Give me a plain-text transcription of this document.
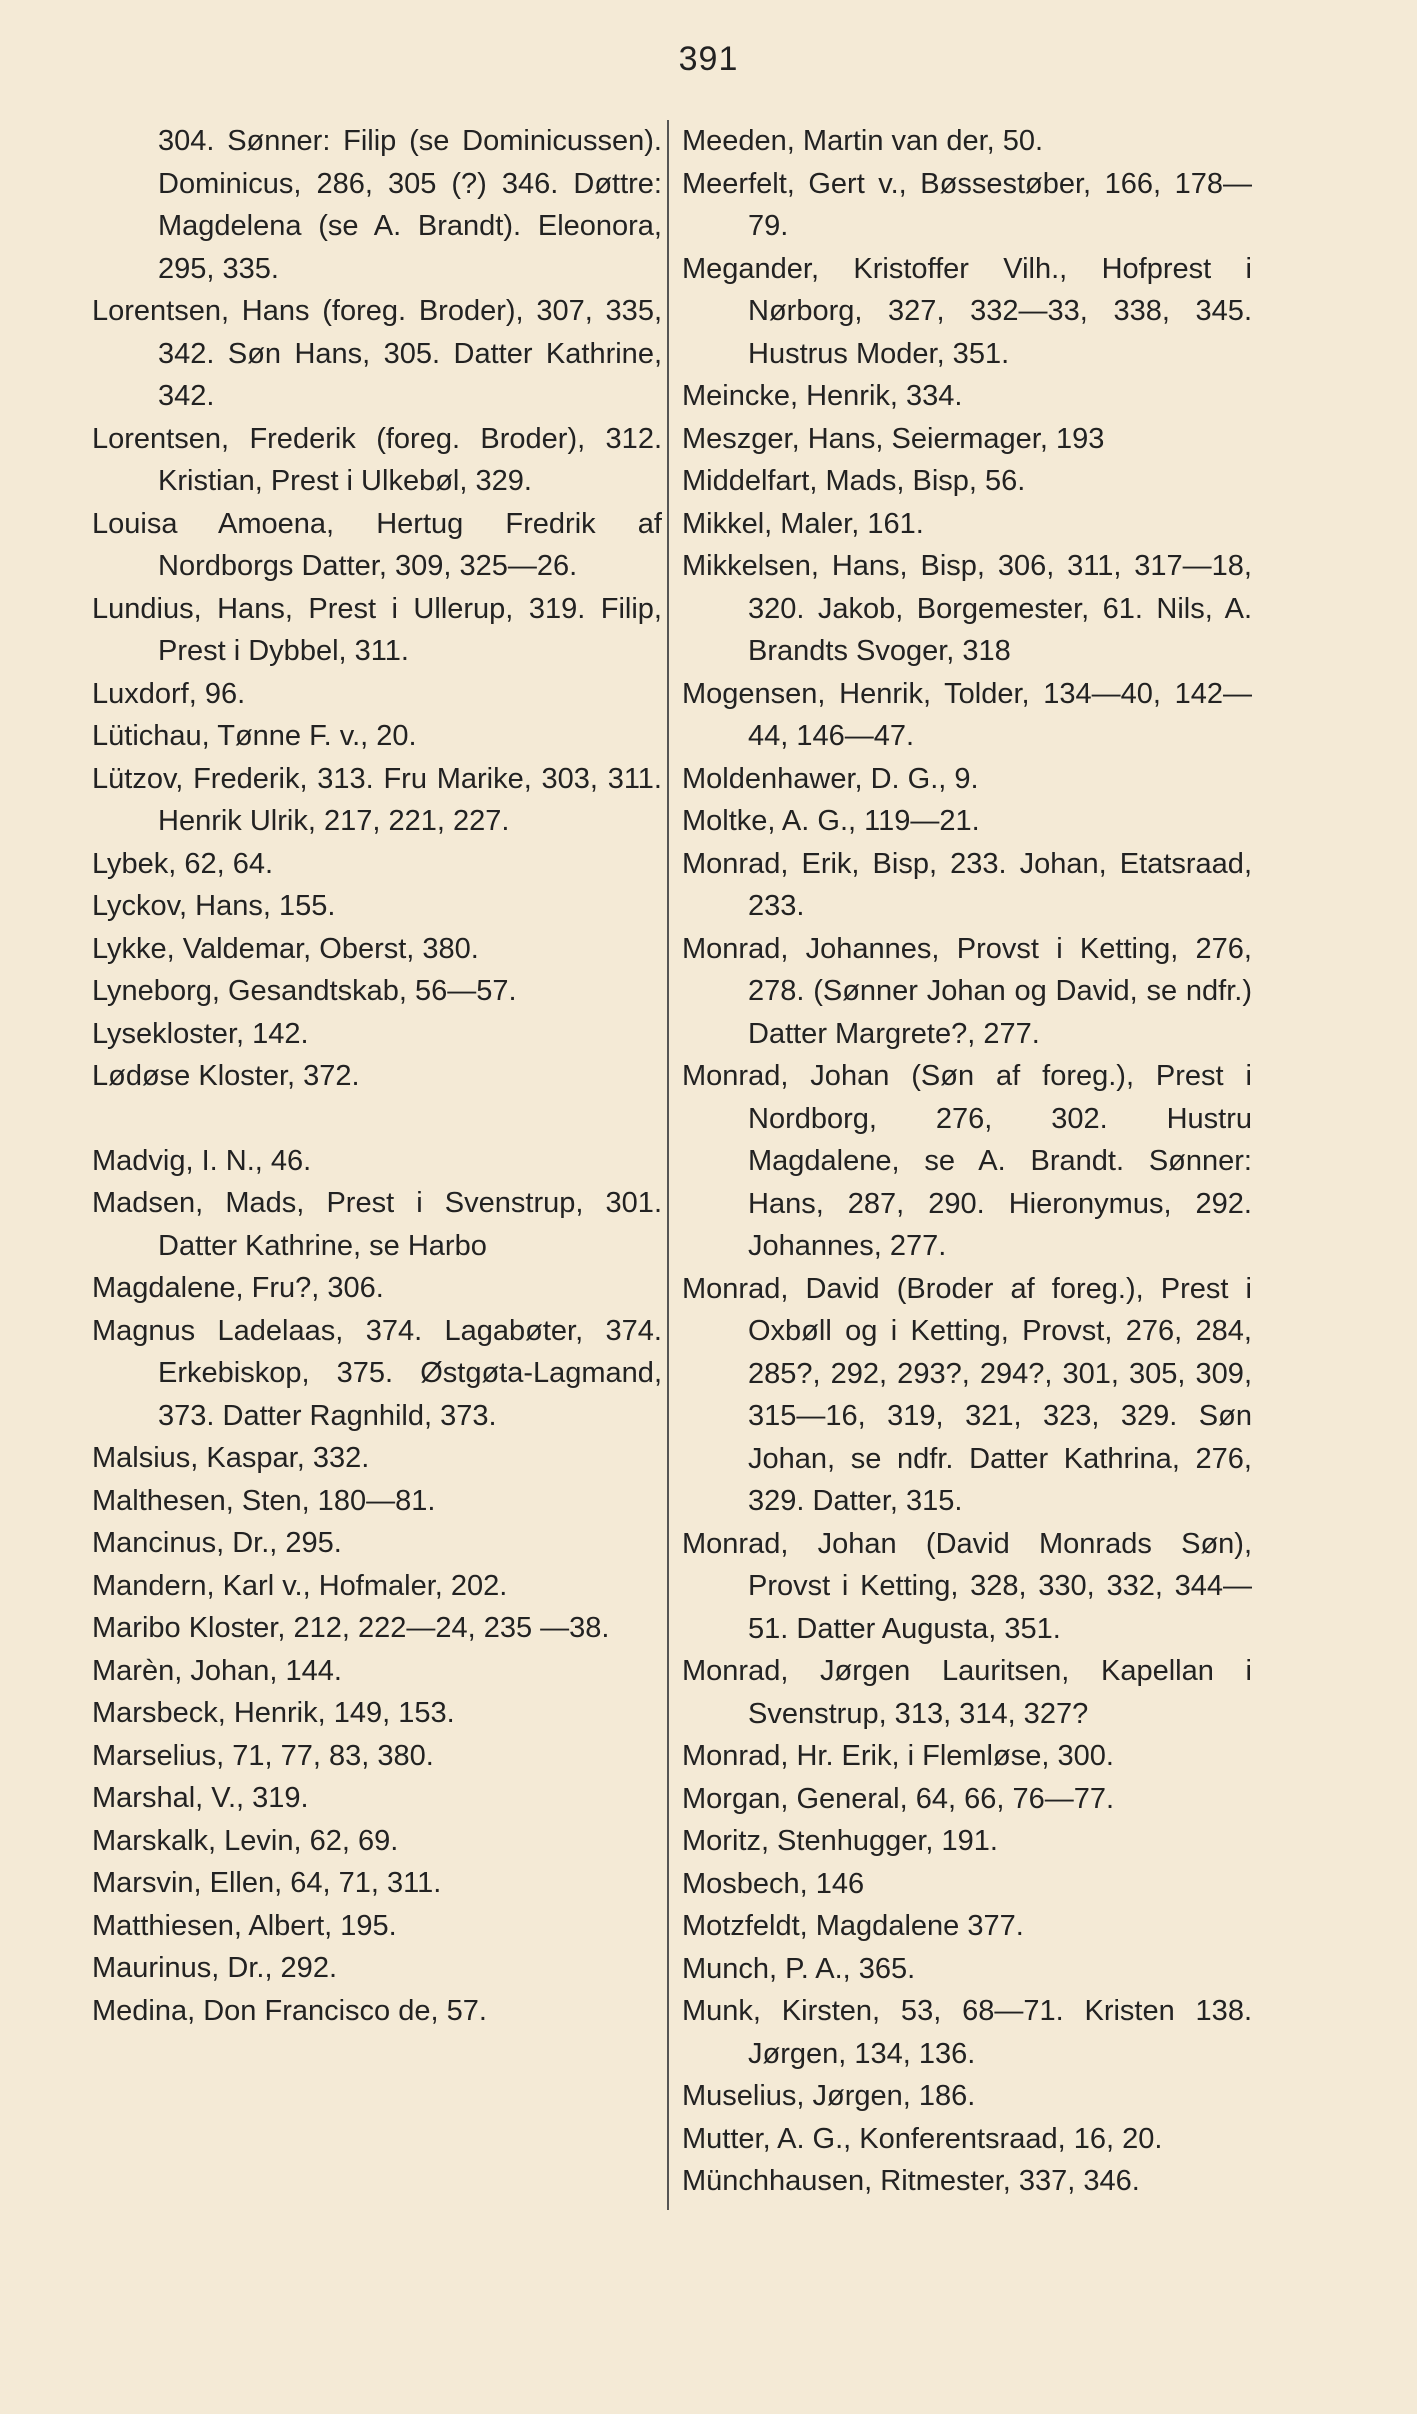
391

304. Sønner: Filip (se Dominicussen). Dominicus, 286, 305 (?) 346. Døttre: Magdelena (se A. Brandt). Eleonora, 295, 335.

Lorentsen, Hans (foreg. Broder), 307, 335, 342. Søn Hans, 305. Datter Kathrine, 342.

Lorentsen, Frederik (foreg. Broder), 312. Kristian, Prest i Ulkebøl, 329.

Louisa Amoena, Hertug Fredrik af Nordborgs Datter, 309, 325—26.

Lundius, Hans, Prest i Ullerup, 319. Filip, Prest i Dybbel, 311.

Luxdorf, 96.

Lütichau, Tønne F. v., 20.

Lützov, Frederik, 313. Fru Marike, 303, 311. Henrik Ulrik, 217, 221, 227.

Lybek, 62, 64.

Lyckov, Hans, 155.

Lykke, Valdemar, Oberst, 380.

Lyneborg, Gesandtskab, 56—57.

Lysekloster, 142.

Lødøse Kloster, 372.

Madvig, I. N., 46.

Madsen, Mads, Prest i Svenstrup, 301. Datter Kathrine, se Harbo

Magdalene, Fru?, 306.

Magnus Ladelaas, 374. Lagabøter, 374. Erkebiskop, 375. Østgøta-Lagmand, 373. Datter Ragnhild, 373.

Malsius, Kaspar, 332.

Malthesen, Sten, 180—81.

Mancinus, Dr., 295.

Mandern, Karl v., Hofmaler, 202.

Maribo Kloster, 212, 222—24, 235 —38.

Marèn, Johan, 144.

Marsbeck, Henrik, 149, 153.

Marselius, 71, 77, 83, 380.

Marshal, V., 319.

Marskalk, Levin, 62, 69.

Marsvin, Ellen, 64, 71, 311.

Matthiesen, Albert, 195.

Maurinus, Dr., 292.

Medina, Don Francisco de, 57.

Meeden, Martin van der, 50.

Meerfelt, Gert v., Bøssestøber, 166, 178—79.

Megander, Kristoffer Vilh., Hofprest i Nørborg, 327, 332—33, 338, 345. Hustrus Moder, 351.

Meincke, Henrik, 334.

Meszger, Hans, Seiermager, 193

Middelfart, Mads, Bisp, 56.

Mikkel, Maler, 161.

Mikkelsen, Hans, Bisp, 306, 311, 317—18, 320. Jakob, Borgemester, 61. Nils, A. Brandts Svoger, 318

Mogensen, Henrik, Tolder, 134—40, 142—44, 146—47.

Moldenhawer, D. G., 9.

Moltke, A. G., 119—21.

Monrad, Erik, Bisp, 233. Johan, Etatsraad, 233.

Monrad, Johannes, Provst i Ketting, 276, 278. (Sønner Johan og David, se ndfr.) Datter Margrete?, 277.

Monrad, Johan (Søn af foreg.), Prest i Nordborg, 276, 302. Hustru Magdalene, se A. Brandt. Sønner: Hans, 287, 290. Hieronymus, 292. Johannes, 277.

Monrad, David (Broder af foreg.), Prest i Oxbøll og i Ketting, Provst, 276, 284, 285?, 292, 293?, 294?, 301, 305, 309, 315—16, 319, 321, 323, 329. Søn Johan, se ndfr. Datter Kathrina, 276, 329. Datter, 315.

Monrad, Johan (David Monrads Søn), Provst i Ketting, 328, 330, 332, 344—51. Datter Augusta, 351.

Monrad, Jørgen Lauritsen, Kapellan i Svenstrup, 313, 314, 327?

Monrad, Hr. Erik, i Flemløse, 300.

Morgan, General, 64, 66, 76—77.

Moritz, Stenhugger, 191.

Mosbech, 146

Motzfeldt, Magdalene 377.

Munch, P. A., 365.

Munk, Kirsten, 53, 68—71. Kristen 138. Jørgen, 134, 136.

Muselius, Jørgen, 186.

Mutter, A. G., Konferentsraad, 16, 20.

Münchhausen, Ritmester, 337, 346.
